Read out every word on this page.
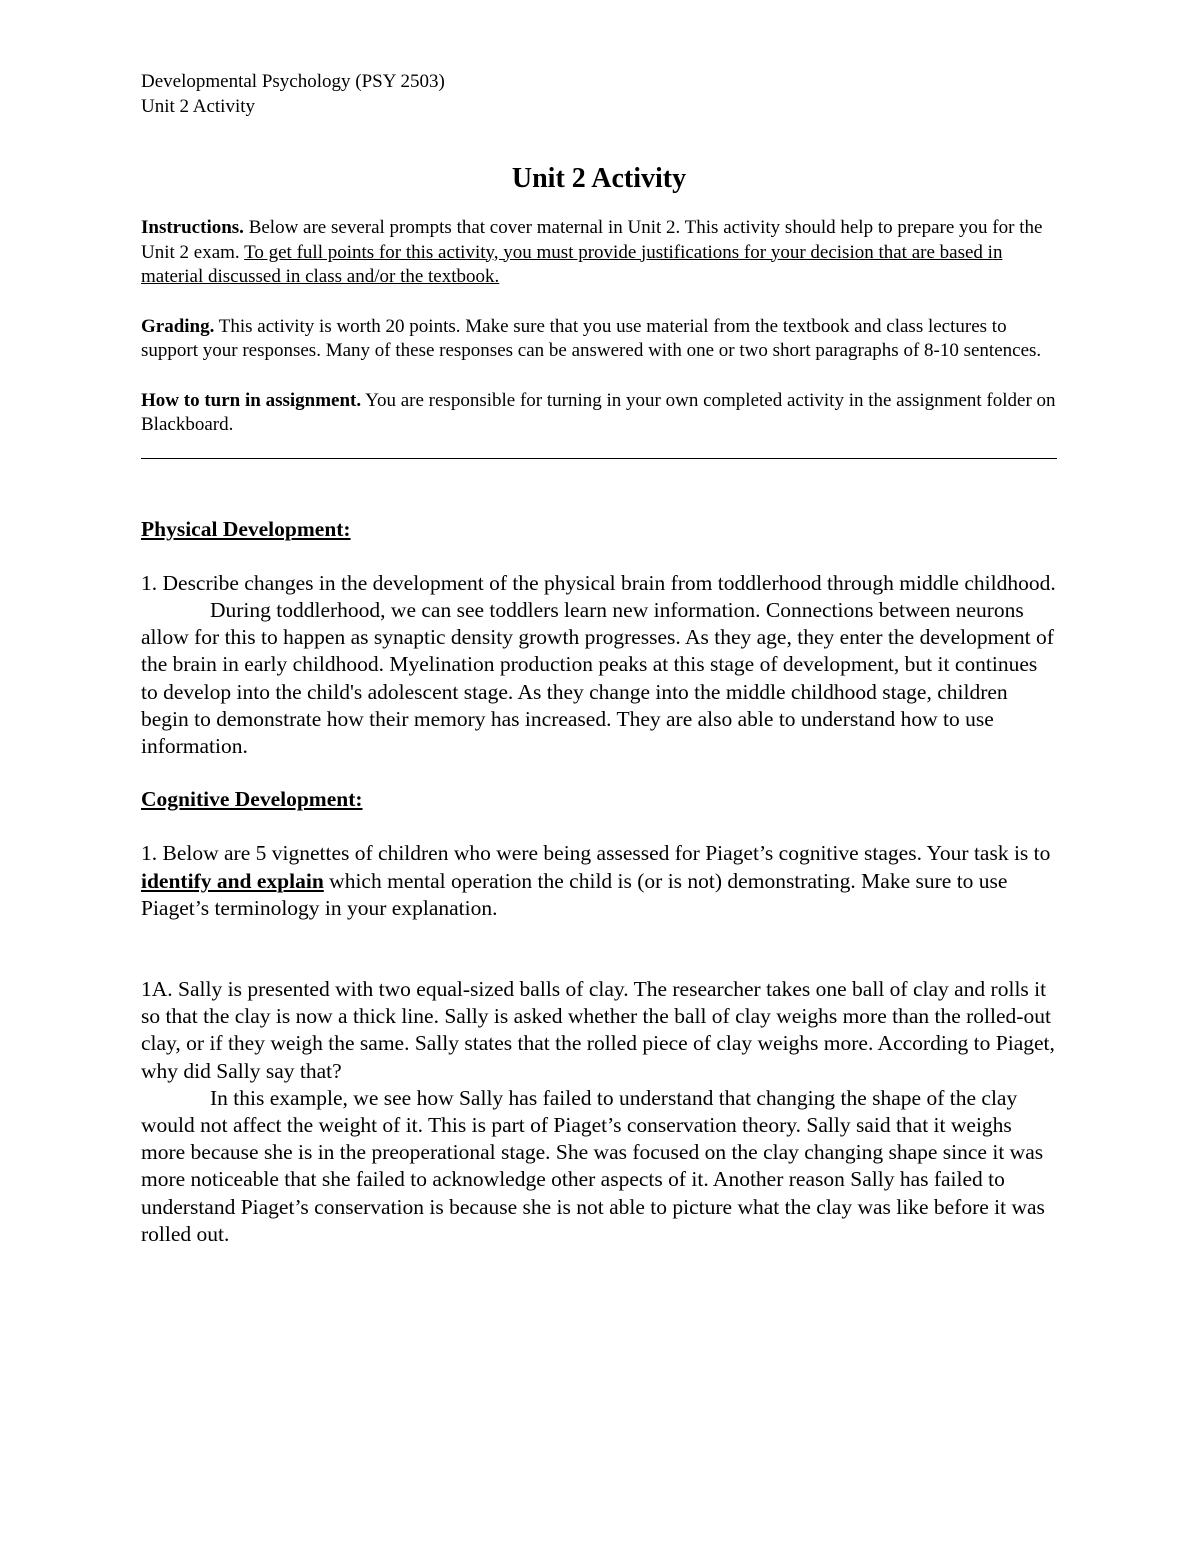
Developmental Psychology (PSY 2503)
Unit 2 Activity
Unit 2 Activity

Instructions. Below are several prompts that cover maternal in Unit 2. This activity should help to prepare you for the Unit 2 exam. To get full points for this activity, you must provide justifications for your decision that are based in material discussed in class and/or the textbook.

Grading. This activity is worth 20 points. Make sure that you use material from the textbook and class lectures to support your responses. Many of these responses can be answered with one or two short paragraphs of 8-10 sentences.

How to turn in assignment. You are responsible for turning in your own completed activity in the assignment folder on Blackboard.

Physical Development:

1. Describe changes in the development of the physical brain from toddlerhood through middle childhood.

During toddlerhood, we can see toddlers learn new information. Connections between neurons allow for this to happen as synaptic density growth progresses. As they age, they enter the development of the brain in early childhood. Myelination production peaks at this stage of development, but it continues to develop into the child's adolescent stage. As they change into the middle childhood stage, children begin to demonstrate how their memory has increased. They are also able to understand how to use information.

Cognitive Development:

1. Below are 5 vignettes of children who were being assessed for Piaget’s cognitive stages. Your task is to identify and explain which mental operation the child is (or is not) demonstrating. Make sure to use Piaget’s terminology in your explanation.

1A. Sally is presented with two equal-sized balls of clay. The researcher takes one ball of clay and rolls it so that the clay is now a thick line. Sally is asked whether the ball of clay weighs more than the rolled-out clay, or if they weigh the same. Sally states that the rolled piece of clay weighs more. According to Piaget, why did Sally say that?

In this example, we see how Sally has failed to understand that changing the shape of the clay would not affect the weight of it. This is part of Piaget’s conservation theory. Sally said that it weighs more because she is in the preoperational stage. She was focused on the clay changing shape since it was more noticeable that she failed to acknowledge other aspects of it. Another reason Sally has failed to understand Piaget’s conservation is because she is not able to picture what the clay was like before it was rolled out.
